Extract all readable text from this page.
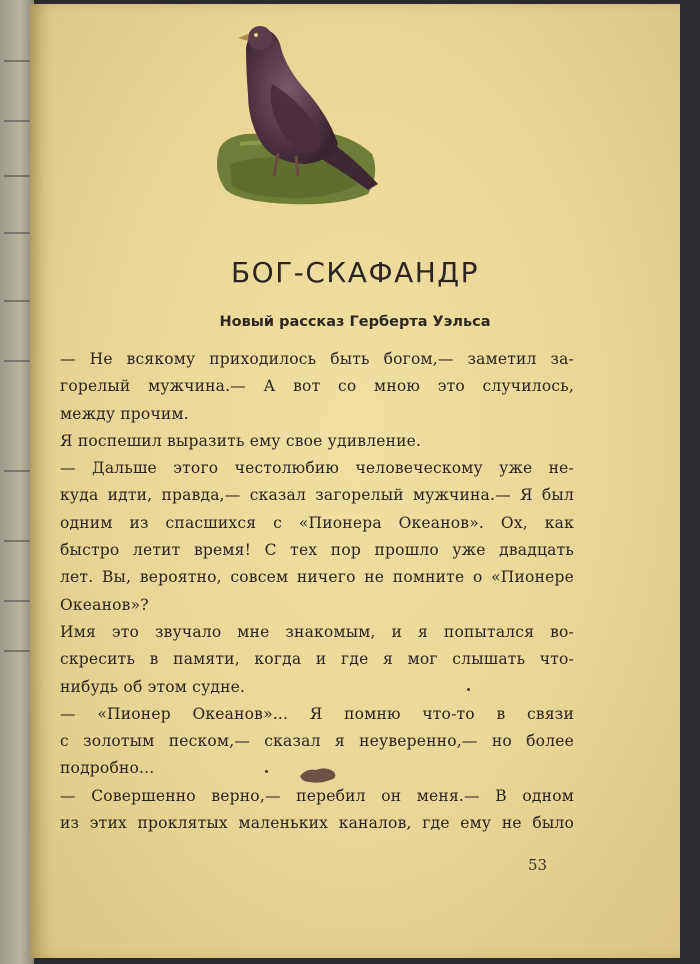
БОГ-СКАФАНДР
Новый рассказ Герберта Уэльса
— Не всякому приходилось быть богом,— заметил за-
горелый мужчина.— А вот со мною это случилось,
между прочим.
Я поспешил выразить ему свое удивление.
— Дальше этого честолюбию человеческому уже не-
куда идти, правда,— сказал загорелый мужчина.— Я был
одним из спасшихся с «Пионера Океанов». Ох, как
быстро летит время! С тех пор прошло уже двадцать
лет. Вы, вероятно, совсем ничего не помните о «Пионере
Океанов»?
Имя это звучало мне знакомым, и я попытался во-
скресить в памяти, когда и где я мог слышать что-
нибудь об этом судне.
— «Пионер Океанов»... Я помню что-то в связи
с золотым песком,— сказал я неуверенно,— но более
подробно...
— Совершенно верно,— перебил он меня.— В одном
из этих проклятых маленьких каналов, где ему не было
53
